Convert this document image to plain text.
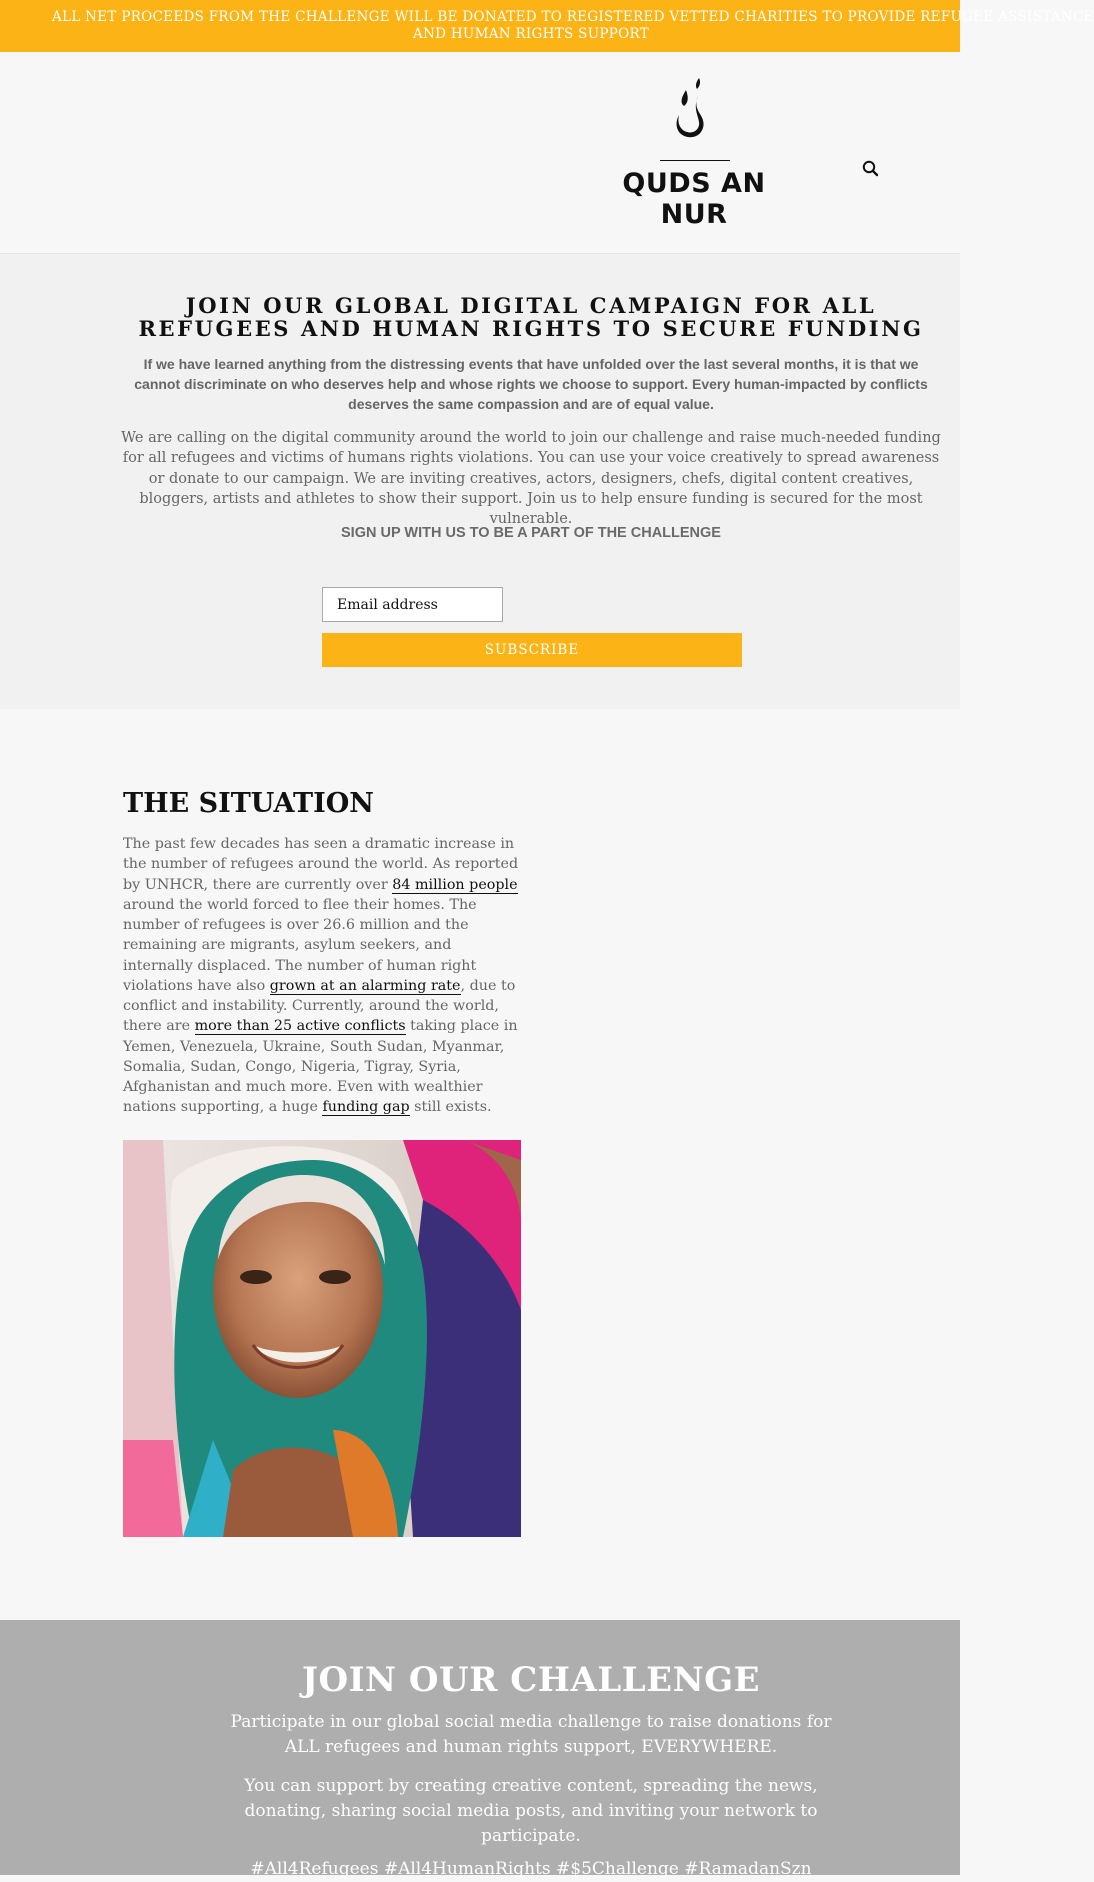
ALL NET PROCEEDS FROM THE CHALLENGE WILL BE DONATED TO REGISTERED VETTED CHARITIES TO PROVIDE REFUGEE ASSISTANCE
AND HUMAN RIGHTS SUPPORT
QUDS AN NUR
JOIN OUR GLOBAL DIGITAL CAMPAIGN FOR ALL REFUGEES AND HUMAN RIGHTS TO SECURE FUNDING

If we have learned anything from the distressing events that have unfolded over the last several months, it is that we cannot discriminate on who deserves help and whose rights we choose to support. Every human-impacted by conflicts deserves the same compassion and are of equal value.

We are calling on the digital community around the world to join our challenge and raise much-needed funding for all refugees and victims of humans rights violations. You can use your voice creatively to spread awareness or donate to our campaign. We are inviting creatives, actors, designers, chefs, digital content creatives, bloggers, artists and athletes to show their support. Join us to help ensure funding is secured for the most vulnerable.

SIGN UP WITH US TO BE A PART OF THE CHALLENGE

Email address
SUBSCRIBE
THE SITUATION

The past few decades has seen a dramatic increase in the number of refugees around the world. As reported by UNHCR, there are currently over 84 million people around the world forced to flee their homes. The number of refugees is over 26.6 million and the remaining are migrants, asylum seekers, and internally displaced. The number of human right violations have also grown at an alarming rate, due to conflict and instability. Currently, around the world, there are more than 25 active conflicts taking place in Yemen, Venezuela, Ukraine, South Sudan, Myanmar, Somalia, Sudan, Congo, Nigeria, Tigray, Syria, Afghanistan and much more. Even with wealthier nations supporting, a huge funding gap still exists.

JOIN OUR CHALLENGE

Participate in our global social media challenge to raise donations for ALL refugees and human rights support, EVERYWHERE.

You can support by creating creative content, spreading the news, donating, sharing social media posts, and inviting your network to participate.

#All4Refugees #All4HumanRights #$5Challenge #RamadanSzn
